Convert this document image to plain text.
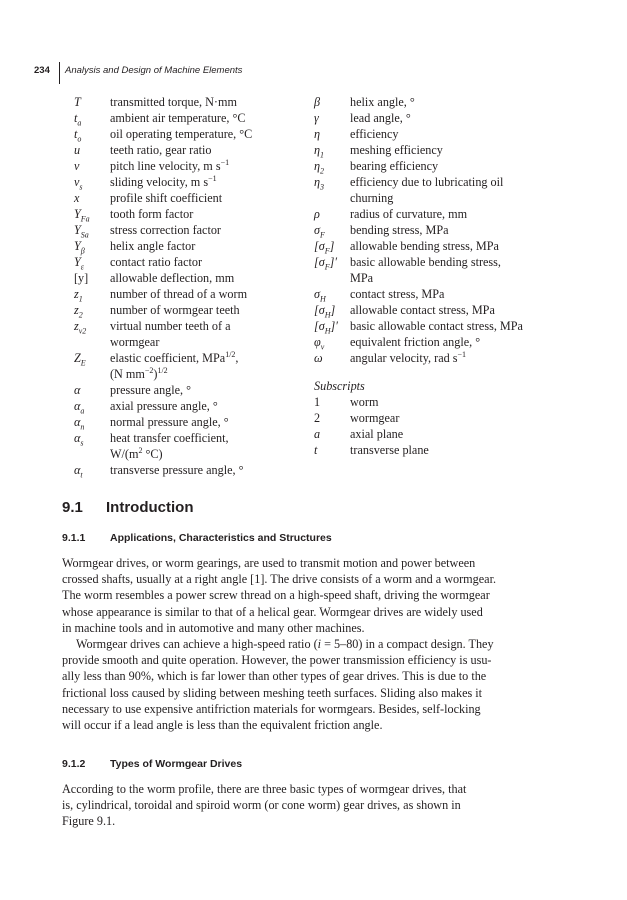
234 Analysis and Design of Machine Elements
T transmitted torque, N·mm
$t_a$ ambient air temperature, °C
$t_o$ oil operating temperature, °C
u teeth ratio, gear ratio
v	pitch line velocity, m $s^{-1}$
$v_s$ sliding velocity, m $s^{-1}$
x	profile shift coefficient
$Y_{Fa}$ tooth form factor
$Y_{Sa}$ stress correction factor
$Y_\beta$ helix angle factor
$Y_\varepsilon$ contact ratio factor
[y] allowable deflection, mm
$z_1$ number of thread of a worm
$z_2$ number of wormgear teeth
$z_{v2}$ virtual number teeth of a
wormgear
$Z_E$ elastic coefficient, MPa$^{1/2}$,
(N $mm^{-2})^{1/2}$
α pressure angle, °
$\alpha_a$ axial pressure angle, °
$\alpha_n$ normal pressure angle, °
$\alpha_s$ heat transfer coefficient,
$W/(m^2$ °C)
$\alpha_t$ transverse pressure angle, °
β helix angle, °
γ	lead angle, °
η efficiency
$\eta_1$ meshing efficiency
$\eta_2$ bearing efficiency
$\eta_3$ efficiency due to lubricating oil
churning
ρ radius of curvature, mm
$\sigma_F$ bending stress, MPa
$[\sigma_F]$ allowable bending stress, MPa
$[\sigma_F]'$ basic allowable bending stress,
MPa
$\sigma_H$ contact stress, MPa
$[\sigma_H]$ allowable contact stress, MPa
$[\sigma_H]'$ basic allowable contact stress, MPa
$\varphi_v$ equivalent friction angle, °
ω angular velocity, rad $s^{-1}$
Subscripts
1 worm
2 wormgear
a axial plane
t	transverse plane
9.1 Introduction
9.1.1 Applications, Characteristics and Structures
Wormgear drives, or worm gearings, are used to transmit motion and power between
crossed shafts, usually at a right angle [1]. The drive consists of a worm and a wormgear.
The worm resembles a power screw thread on a high-speed shaft, driving the wormgear
whose appearance is similar to that of a helical gear. Wormgear drives are widely used
in machine tools and in automotive and many other machines.
Wormgear drives can achieve a high-speed ratio (i = 5–80) in a compact design. They
provide smooth and quite operation. However, the power transmission efficiency is usu-
ally less than 90%, which is far lower than other types of gear drives. This is due to the
frictional loss caused by sliding between meshing teeth surfaces. Sliding also makes it
necessary to use expensive antifriction materials for wormgears. Besides, self-locking
will occur if a lead angle is less than the equivalent friction angle.
9.1.2 Types of Wormgear Drives
According to the worm profile, there are three basic types of wormgear drives, that
is, cylindrical, toroidal and spiroid worm (or cone worm) gear drives, as shown in
Figure 9.1.
